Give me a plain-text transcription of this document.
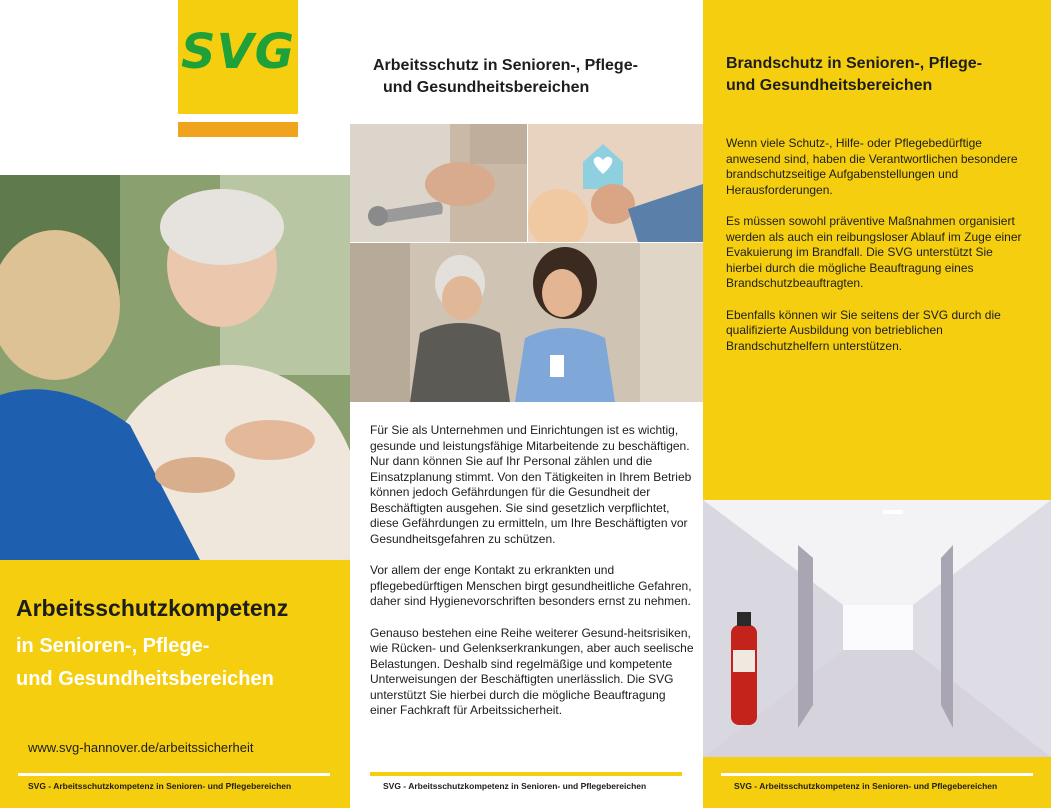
SVG
Arbeitsschutzkompetenz
in Senioren-, Pflege-
und Gesundheitsbereichen
www.svg-hannover.de/arbeitssicherheit
SVG - Arbeitsschutzkompetenz in Senioren- und Pflegebereichen
Arbeitsschutz in Senioren-, Pflege-
und Gesundheitsbereichen

Für Sie als Unternehmen und Einrichtungen ist es wichtig, gesunde und leistungsfähige Mitarbeitende zu beschäftigen. Nur dann können Sie auf Ihr Personal zählen und die Einsatzplanung stimmt. Von den Tätigkeiten in Ihrem Betrieb können jedoch Gefährdungen für die Gesundheit der Beschäftigten ausgehen. Sie sind gesetzlich verpflichtet, diese Gefährdungen zu ermitteln, um Ihre Beschäftigten vor Gesundheitsgefahren zu schützen.

Vor allem der enge Kontakt zu erkrankten und pflegebedürftigen Menschen birgt gesundheitliche Gefahren, daher sind Hygienevorschriften besonders ernst zu nehmen.

Genauso bestehen eine Reihe weiterer Gesund-heitsrisiken, wie Rücken- und Gelenkserkrankungen, aber auch seelische Belastungen. Deshalb sind regelmäßige und kompetente Unterweisungen der Beschäftigten unerlässlich. Die SVG unterstützt Sie hierbei durch die mögliche Beauftragung einer Fachkraft für Arbeitssicherheit.

SVG - Arbeitsschutzkompetenz in Senioren- und Pflegebereichen
Brandschutz in Senioren-, Pflege-
und Gesundheitsbereichen

Wenn viele Schutz-, Hilfe- oder Pflegebedürftige anwesend sind, haben die Verantwortlichen besondere brandschutzseitige Aufgabenstellungen und Herausforderungen.

Es müssen sowohl präventive Maßnahmen organisiert werden als auch ein reibungsloser Ablauf im Zuge einer Evakuierung im Brandfall. Die SVG unterstützt Sie hierbei durch die mögliche Beauftragung eines Brandschutzbeauftragten.

Ebenfalls können wir Sie seitens der SVG durch die qualifizierte Ausbildung von betrieblichen Brandschutzhelfern unterstützen.

SVG - Arbeitsschutzkompetenz in Senioren- und Pflegebereichen
